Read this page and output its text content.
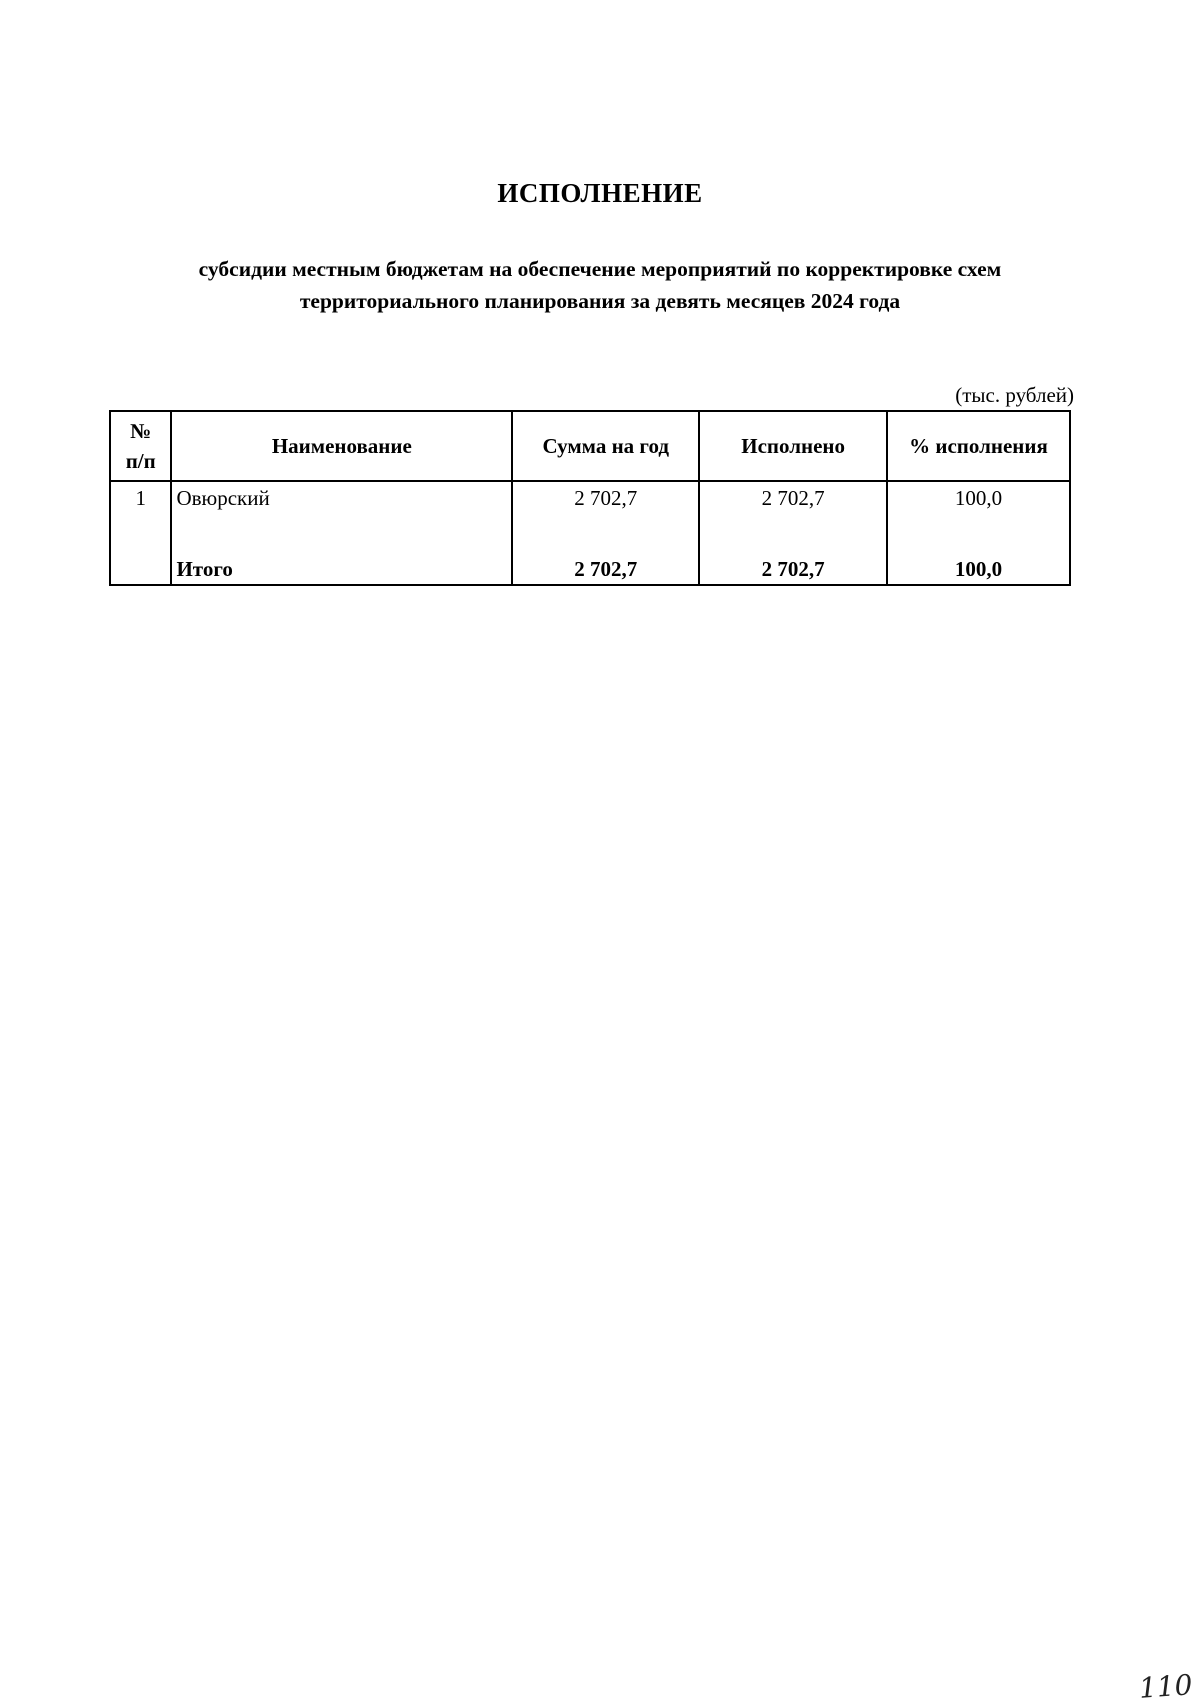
ИСПОЛНЕНИЕ
субсидии местным бюджетам на обеспечение мероприятий по корректировке схем
территориального планирования за девять месяцев 2024 года
(тыс. рублей)
№
п/п	Наименование	Сумма на год	Исполнено	% исполнения
1	Овюрский	2 702,7	2 702,7	100,0
	Итого	2 702,7	2 702,7	100,0
110
